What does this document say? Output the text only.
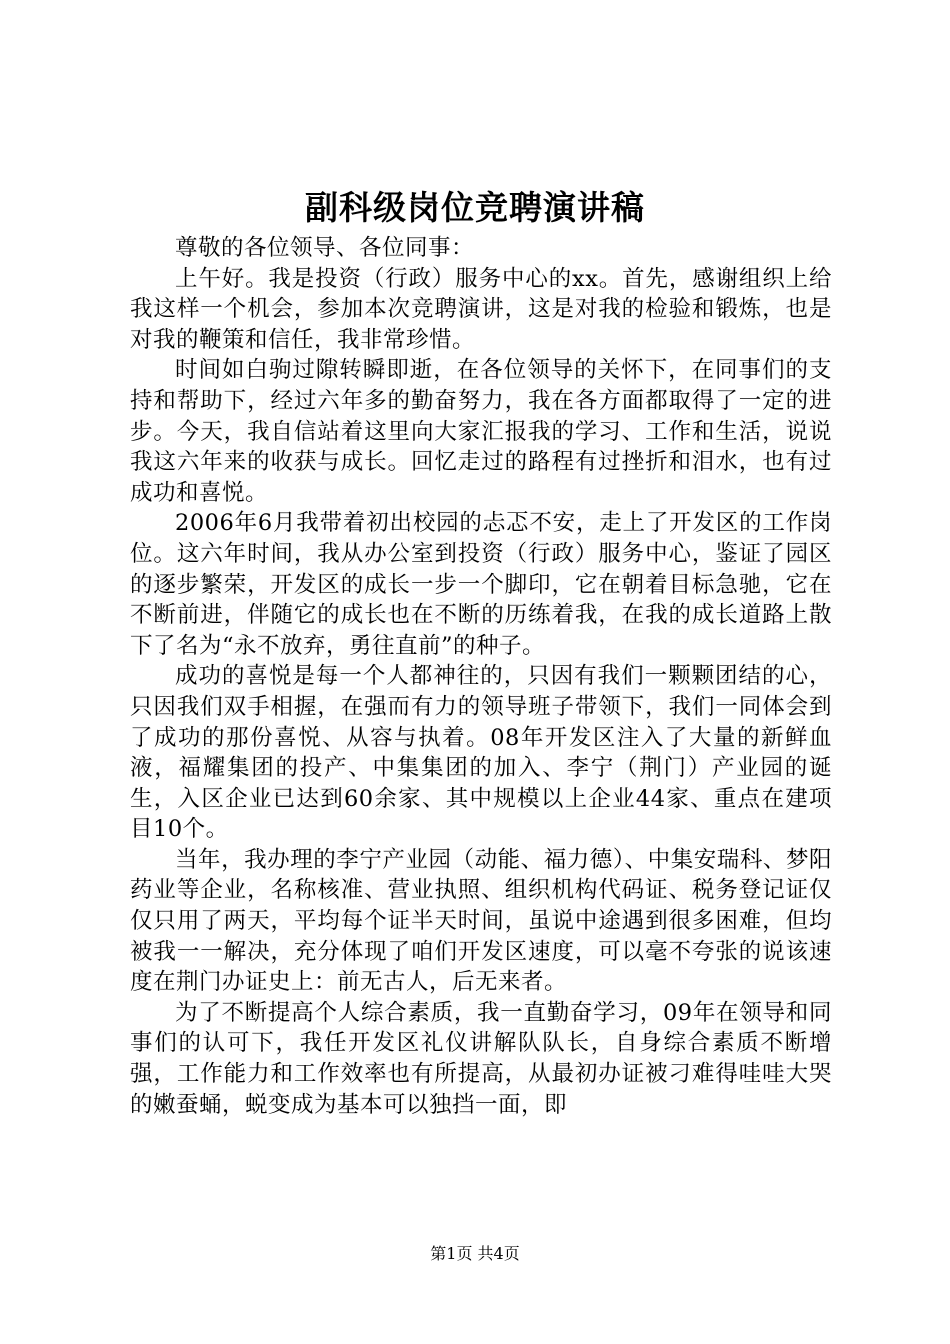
副科级岗位竞聘演讲稿

尊敬的各位领导、各位同事：

上午好。我是投资（行政）服务中心的xx。首先，感谢组织上给我这样一个机会，参加本次竞聘演讲，这是对我的检验和锻炼，也是对我的鞭策和信任，我非常珍惜。

时间如白驹过隙转瞬即逝，在各位领导的关怀下，在同事们的支持和帮助下，经过六年多的勤奋努力，我在各方面都取得了一定的进步。今天，我自信站着这里向大家汇报我的学习、工作和生活，说说我这六年来的收获与成长。回忆走过的路程有过挫折和泪水，也有过成功和喜悦。

2006年6月我带着初出校园的忐忑不安，走上了开发区的工作岗位。这六年时间，我从办公室到投资（行政）服务中心，鉴证了园区的逐步繁荣，开发区的成长一步一个脚印，它在朝着目标急驰，它在不断前进，伴随它的成长也在不断的历练着我，在我的成长道路上散下了名为“永不放弃，勇往直前”的种子。

成功的喜悦是每一个人都神往的，只因有我们一颗颗团结的心，只因我们双手相握，在强而有力的领导班子带领下，我们一同体会到了成功的那份喜悦、从容与执着。08年开发区注入了大量的新鲜血液，福耀集团的投产、中集集团的加入、李宁（荆门）产业园的诞生，入区企业已达到60余家、其中规模以上企业44家、重点在建项目10个。

当年，我办理的李宁产业园（动能、福力德）、中集安瑞科、梦阳药业等企业，名称核准、营业执照、组织机构代码证、税务登记证仅仅只用了两天，平均每个证半天时间，虽说中途遇到很多困难，但均被我一一解决，充分体现了咱们开发区速度，可以毫不夸张的说该速度在荆门办证史上：前无古人，后无来者。

为了不断提高个人综合素质，我一直勤奋学习，09年在领导和同事们的认可下，我任开发区礼仪讲解队队长，自身综合素质不断增强，工作能力和工作效率也有所提高，从最初办证被刁难得哇哇大哭的嫩蚕蛹，蜕变成为基本可以独挡一面，即

第1页 共4页
